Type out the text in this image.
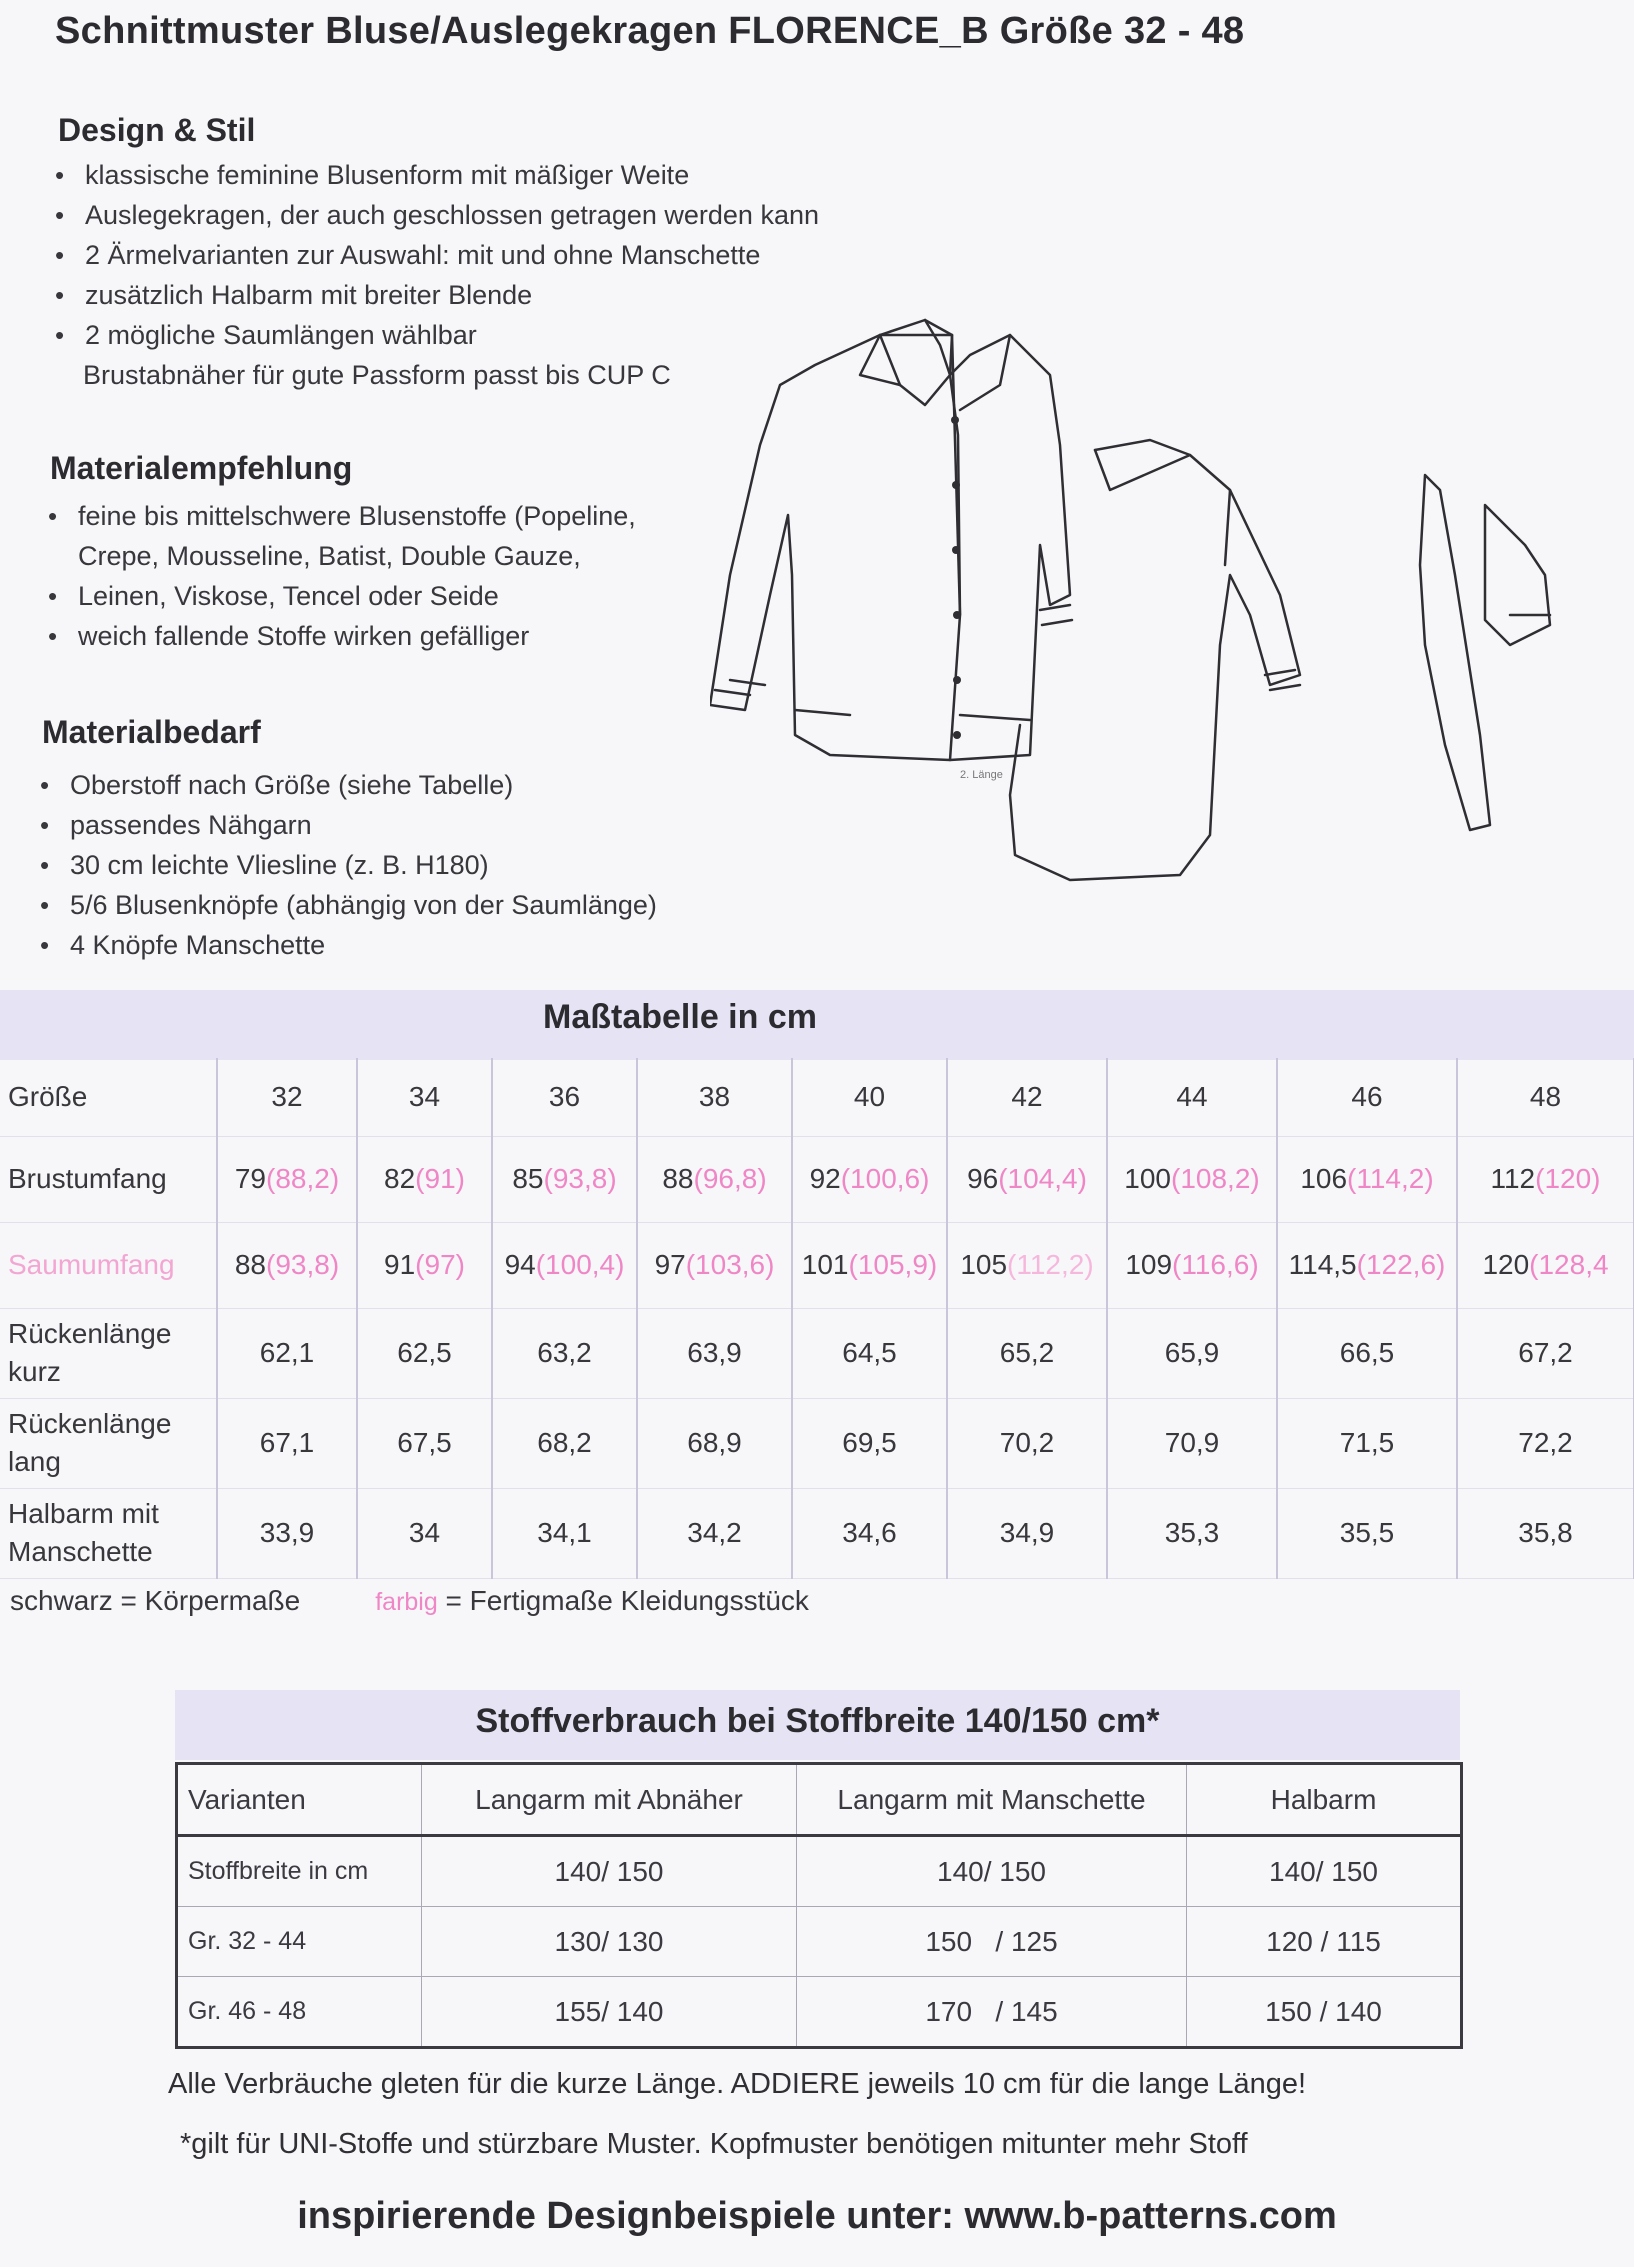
Schnittmuster Bluse/Auslegekragen FLORENCE_B Größe 32 - 48
Design & Stil
• klassische feminine Blusenform mit mäßiger Weite
• Auslegekragen, der auch geschlossen getragen werden kann
• 2 Ärmelvarianten zur Auswahl: mit und ohne Manschette
• zusätzlich Halbarm mit breiter Blende
• 2 mögliche Saumlängen wählbar
Brustabnäher für gute Passform passt bis CUP C
Materialempfehlung
• feine bis mittelschwere Blusenstoffe (Popeline,
Crepe, Mousseline, Batist, Double Gauze,
• Leinen, Viskose, Tencel oder Seide
• weich fallende Stoffe wirken gefälliger
Materialbedarf
• Oberstoff nach Größe (siehe Tabelle)
• passendes Nähgarn
• 30 cm leichte Vliesline (z. B. H180)
• 5/6 Blusenknöpfe (abhängig von der Saumlänge)
• 4 Knöpfe Manschette
2. Länge
Maßtabelle in cm
Größe	32	34	36	38	40	42	44	46	48
Brustumfang	79(88,2)	82(91)	85(93,8)	88(96,8)	92(100,6)	96(104,4)	100(108,2)	106(114,2)	112(120)
Saumumfang	88(93,8)	91(97)	94(100,4)	97(103,6)	101(105,9)	105(112,2)	109(116,6)	114,5(122,6)	120(128,4
Rückenlänge
kurz	62,1	62,5	63,2	63,9	64,5	65,2	65,9	66,5	67,2
Rückenlänge
lang	67,1	67,5	68,2	68,9	69,5	70,2	70,9	71,5	72,2
Halbarm mit
Manschette	33,9	34	34,1	34,2	34,6	34,9	35,3	35,5	35,8
schwarz = Körpermaße	farbig = Fertigmaße Kleidungsstück
Stoffverbrauch bei Stoffbreite 140/150 cm*
Varianten	Langarm mit Abnäher	Langarm mit Manschette	Halbarm
Stoffbreite in cm	140/ 150	140/ 150	140/ 150
Gr. 32 - 44	130/ 130	150   / 125	120 / 115
Gr. 46 - 48	155/ 140	170   / 145	150 / 140
Alle Verbräuche gleten für die kurze Länge. ADDIERE jeweils 10 cm für die lange Länge!
*gilt für UNI-Stoffe und stürzbare Muster. Kopfmuster benötigen mitunter mehr Stoff
inspirierende Designbeispiele unter: www.b-patterns.com
